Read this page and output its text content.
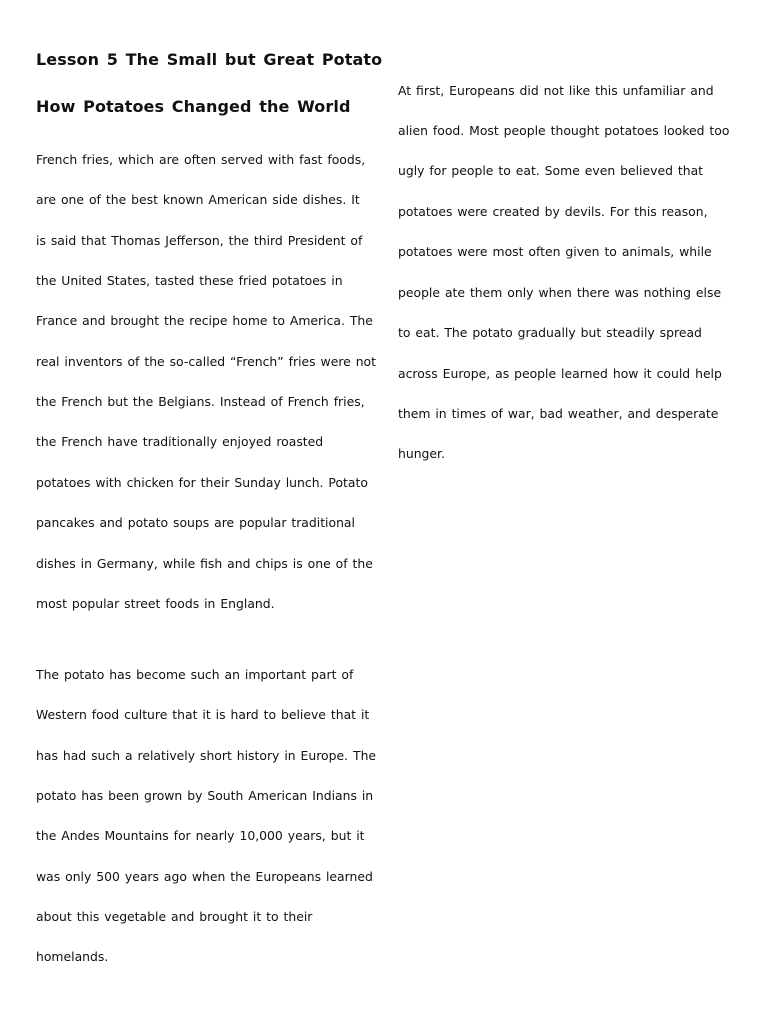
Lesson 5 The Small but Great Potato
How Potatoes Changed the World
French fries, which are often served with fast foods,
are one of the best known American side dishes. It
is said that Thomas Jefferson, the third President of
the United States, tasted these fried potatoes in
France and brought the recipe home to America. The
real inventors of the so-called “French” fries were not
the French but the Belgians. Instead of French fries,
the French have traditionally enjoyed roasted
potatoes with chicken for their Sunday lunch. Potato
pancakes and potato soups are popular traditional
dishes in Germany, while fish and chips is one of the
most popular street foods in England.
The potato has become such an important part of
Western food culture that it is hard to believe that it
has had such a relatively short history in Europe. The
potato has been grown by South American Indians in
the Andes Mountains for nearly 10,000 years, but it
was only 500 years ago when the Europeans learned
about this vegetable and brought it to their
homelands.
At first, Europeans did not like this unfamiliar and
alien food. Most people thought potatoes looked too
ugly for people to eat. Some even believed that
potatoes were created by devils. For this reason,
potatoes were most often given to animals, while
people ate them only when there was nothing else
to eat. The potato gradually but steadily spread
across Europe, as people learned how it could help
them in times of war, bad weather, and desperate
hunger.
